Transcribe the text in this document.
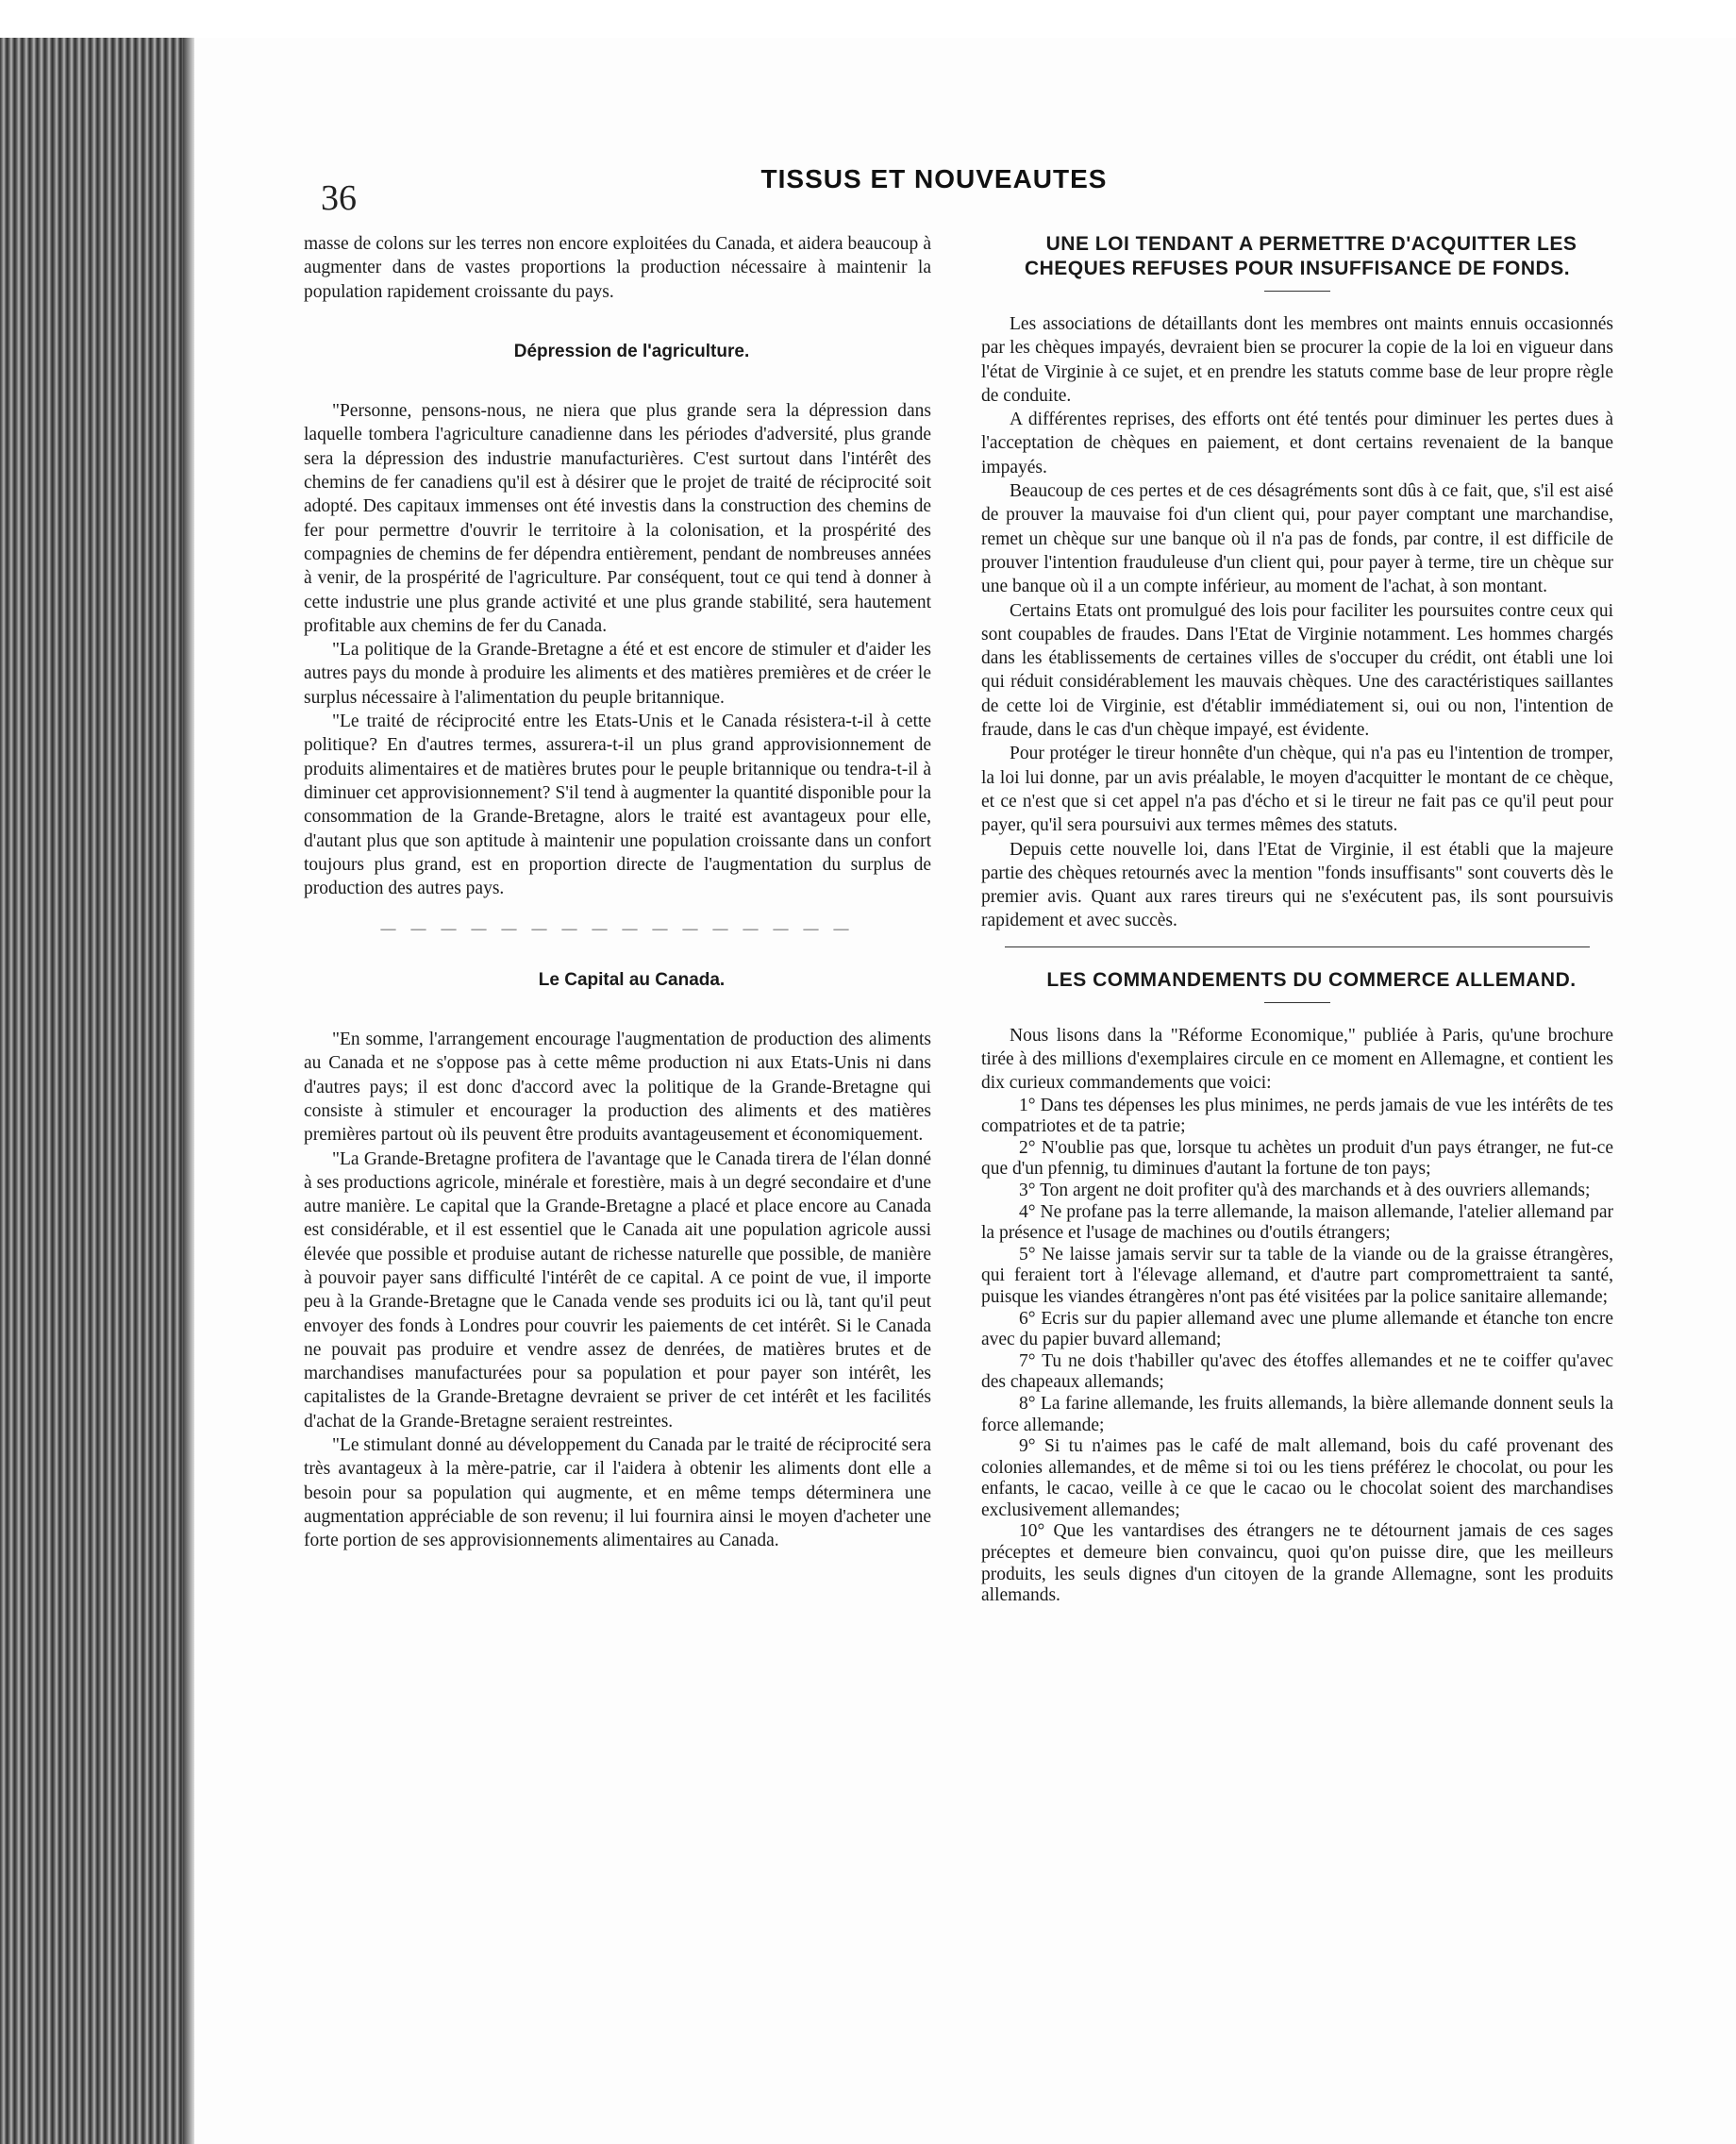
36	TISSUS ET NOUVEAUTES

masse de colons sur les terres non encore exploitées du Canada, et aidera beaucoup à augmenter dans de vastes proportions la production nécessaire à maintenir la population rapidement croissante du pays.

Dépression de l'agriculture.

"Personne, pensons-nous, ne niera que plus grande sera la dépression dans laquelle tombera l'agriculture canadienne dans les périodes d'adversité, plus grande sera la dépression des industrie manufacturières. C'est surtout dans l'intérêt des chemins de fer canadiens qu'il est à désirer que le projet de traité de réciprocité soit adopté. Des capitaux immenses ont été investis dans la construction des chemins de fer pour permettre d'ouvrir le territoire à la colonisation, et la prospérité des compagnies de chemins de fer dépendra entièrement, pendant de nombreuses années à venir, de la prospérité de l'agriculture. Par conséquent, tout ce qui tend à donner à cette industrie une plus grande activité et une plus grande stabilité, sera hautement profitable aux chemins de fer du Canada.

"La politique de la Grande-Bretagne a été et est encore de stimuler et d'aider les autres pays du monde à produire les aliments et des matières premières et de créer le surplus nécessaire à l'alimentation du peuple britannique.

"Le traité de réciprocité entre les Etats-Unis et le Canada résistera-t-il à cette politique? En d'autres termes, assurera-t-il un plus grand approvisionnement de produits alimentaires et de matières brutes pour le peuple britannique ou tendra-t-il à diminuer cet approvisionnement? S'il tend à augmenter la quantité disponible pour la consommation de la Grande-Bretagne, alors le traité est avantageux pour elle, d'autant plus que son aptitude à maintenir une population croissante dans un confort toujours plus grand, est en proportion directe de l'augmentation du surplus de production des autres pays.

— — — — — — — — — — — — — — — —

Le Capital au Canada.

"En somme, l'arrangement encourage l'augmentation de production des aliments au Canada et ne s'oppose pas à cette même production ni aux Etats-Unis ni dans d'autres pays; il est donc d'accord avec la politique de la Grande-Bretagne qui consiste à stimuler et encourager la production des aliments et des matières premières partout où ils peuvent être produits avantageusement et économiquement.

"La Grande-Bretagne profitera de l'avantage que le Canada tirera de l'élan donné à ses productions agricole, minérale et forestière, mais à un degré secondaire et d'une autre manière. Le capital que la Grande-Bretagne a placé et place encore au Canada est considérable, et il est essentiel que le Canada ait une population agricole aussi élevée que possible et produise autant de richesse naturelle que possible, de manière à pouvoir payer sans difficulté l'intérêt de ce capital. A ce point de vue, il importe peu à la Grande-Bretagne que le Canada vende ses produits ici ou là, tant qu'il peut envoyer des fonds à Londres pour couvrir les paiements de cet intérêt. Si le Canada ne pouvait pas produire et vendre assez de denrées, de matières brutes et de marchandises manufacturées pour sa population et pour payer son intérêt, les capitalistes de la Grande-Bretagne devraient se priver de cet intérêt et les facilités d'achat de la Grande-Bretagne seraient restreintes.

"Le stimulant donné au développement du Canada par le traité de réciprocité sera très avantageux à la mère-patrie, car il l'aidera à obtenir les aliments dont elle a besoin pour sa population qui augmente, et en même temps déterminera une augmentation appréciable de son revenu; il lui fournira ainsi le moyen d'acheter une forte portion de ses approvisionnements alimentaires au Canada.

UNE LOI TENDANT A PERMETTRE D'ACQUITTER LES CHEQUES REFUSES POUR INSUFFISANCE DE FONDS.

Les associations de détaillants dont les membres ont maints ennuis occasionnés par les chèques impayés, devraient bien se procurer la copie de la loi en vigueur dans l'état de Virginie à ce sujet, et en prendre les statuts comme base de leur propre règle de conduite.

A différentes reprises, des efforts ont été tentés pour diminuer les pertes dues à l'acceptation de chèques en paiement, et dont certains revenaient de la banque impayés.

Beaucoup de ces pertes et de ces désagréments sont dûs à ce fait, que, s'il est aisé de prouver la mauvaise foi d'un client qui, pour payer comptant une marchandise, remet un chèque sur une banque où il n'a pas de fonds, par contre, il est difficile de prouver l'intention frauduleuse d'un client qui, pour payer à terme, tire un chèque sur une banque où il a un compte inférieur, au moment de l'achat, à son montant.

Certains Etats ont promulgué des lois pour faciliter les poursuites contre ceux qui sont coupables de fraudes. Dans l'Etat de Virginie notamment. Les hommes chargés dans les établissements de certaines villes de s'occuper du crédit, ont établi une loi qui réduit considérablement les mauvais chèques. Une des caractéristiques saillantes de cette loi de Virginie, est d'établir immédiatement si, oui ou non, l'intention de fraude, dans le cas d'un chèque impayé, est évidente.

Pour protéger le tireur honnête d'un chèque, qui n'a pas eu l'intention de tromper, la loi lui donne, par un avis préalable, le moyen d'acquitter le montant de ce chèque, et ce n'est que si cet appel n'a pas d'écho et si le tireur ne fait pas ce qu'il peut pour payer, qu'il sera poursuivi aux termes mêmes des statuts.

Depuis cette nouvelle loi, dans l'Etat de Virginie, il est établi que la majeure partie des chèques retournés avec la mention "fonds insuffisants" sont couverts dès le premier avis. Quant aux rares tireurs qui ne s'exécutent pas, ils sont poursuivis rapidement et avec succès.

LES COMMANDEMENTS DU COMMERCE ALLEMAND.

Nous lisons dans la "Réforme Economique," publiée à Paris, qu'une brochure tirée à des millions d'exemplaires circule en ce moment en Allemagne, et contient les dix curieux commandements que voici:

1° Dans tes dépenses les plus minimes, ne perds jamais de vue les intérêts de tes compatriotes et de ta patrie;

2° N'oublie pas que, lorsque tu achètes un produit d'un pays étranger, ne fut-ce que d'un pfennig, tu diminues d'autant la fortune de ton pays;

3° Ton argent ne doit profiter qu'à des marchands et à des ouvriers allemands;

4° Ne profane pas la terre allemande, la maison allemande, l'atelier allemand par la présence et l'usage de machines ou d'outils étrangers;

5° Ne laisse jamais servir sur ta table de la viande ou de la graisse étrangères, qui feraient tort à l'élevage allemand, et d'autre part compromettraient ta santé, puisque les viandes étrangères n'ont pas été visitées par la police sanitaire allemande;

6° Ecris sur du papier allemand avec une plume allemande et étanche ton encre avec du papier buvard allemand;

7° Tu ne dois t'habiller qu'avec des étoffes allemandes et ne te coiffer qu'avec des chapeaux allemands;

8° La farine allemande, les fruits allemands, la bière allemande donnent seuls la force allemande;

9° Si tu n'aimes pas le café de malt allemand, bois du café provenant des colonies allemandes, et de même si toi ou les tiens préférez le chocolat, ou pour les enfants, le cacao, veille à ce que le cacao ou le chocolat soient des marchandises exclusivement allemandes;

10° Que les vantardises des étrangers ne te détournent jamais de ces sages préceptes et demeure bien convaincu, quoi qu'on puisse dire, que les meilleurs produits, les seuls dignes d'un citoyen de la grande Allemagne, sont les produits allemands.
